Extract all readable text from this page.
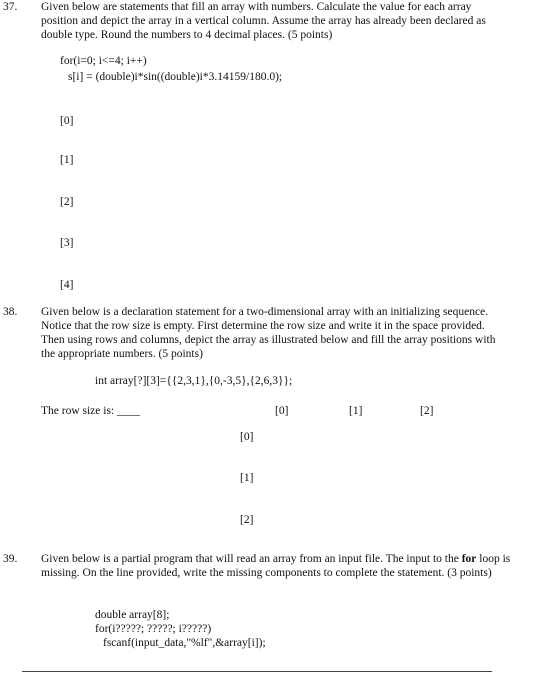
37. Given below are statements that fill an array with numbers. Calculate the value for each array position and depict the array in a vertical column. Assume the array has already been declared as double type. Round the numbers to 4 decimal places. (5 points)
for(i=0; i<=4; i++)
s[i] = (double)i*sin((double)i*3.14159/180.0);
[0]
[1]
[2]
[3]
[4]
38. Given below is a declaration statement for a two-dimensional array with an initializing sequence. Notice that the row size is empty. First determine the row size and write it in the space provided. Then using rows and columns, depict the array as illustrated below and fill the array positions with the appropriate numbers. (5 points)
int array[?][3]={{2,3,1},{0,-3,5},{2,6,3}};
The row size is: ____	[0]	[1]	[2]
[0]
[1]
[2]
39. Given below is a partial program that will read an array from an input file. The input to the for loop is missing. On the line provided, write the missing components to complete the statement. (3 points)
double array[8];
for(i?????; ?????; i?????)
fscanf(input_data,"%lf",&array[i]);
